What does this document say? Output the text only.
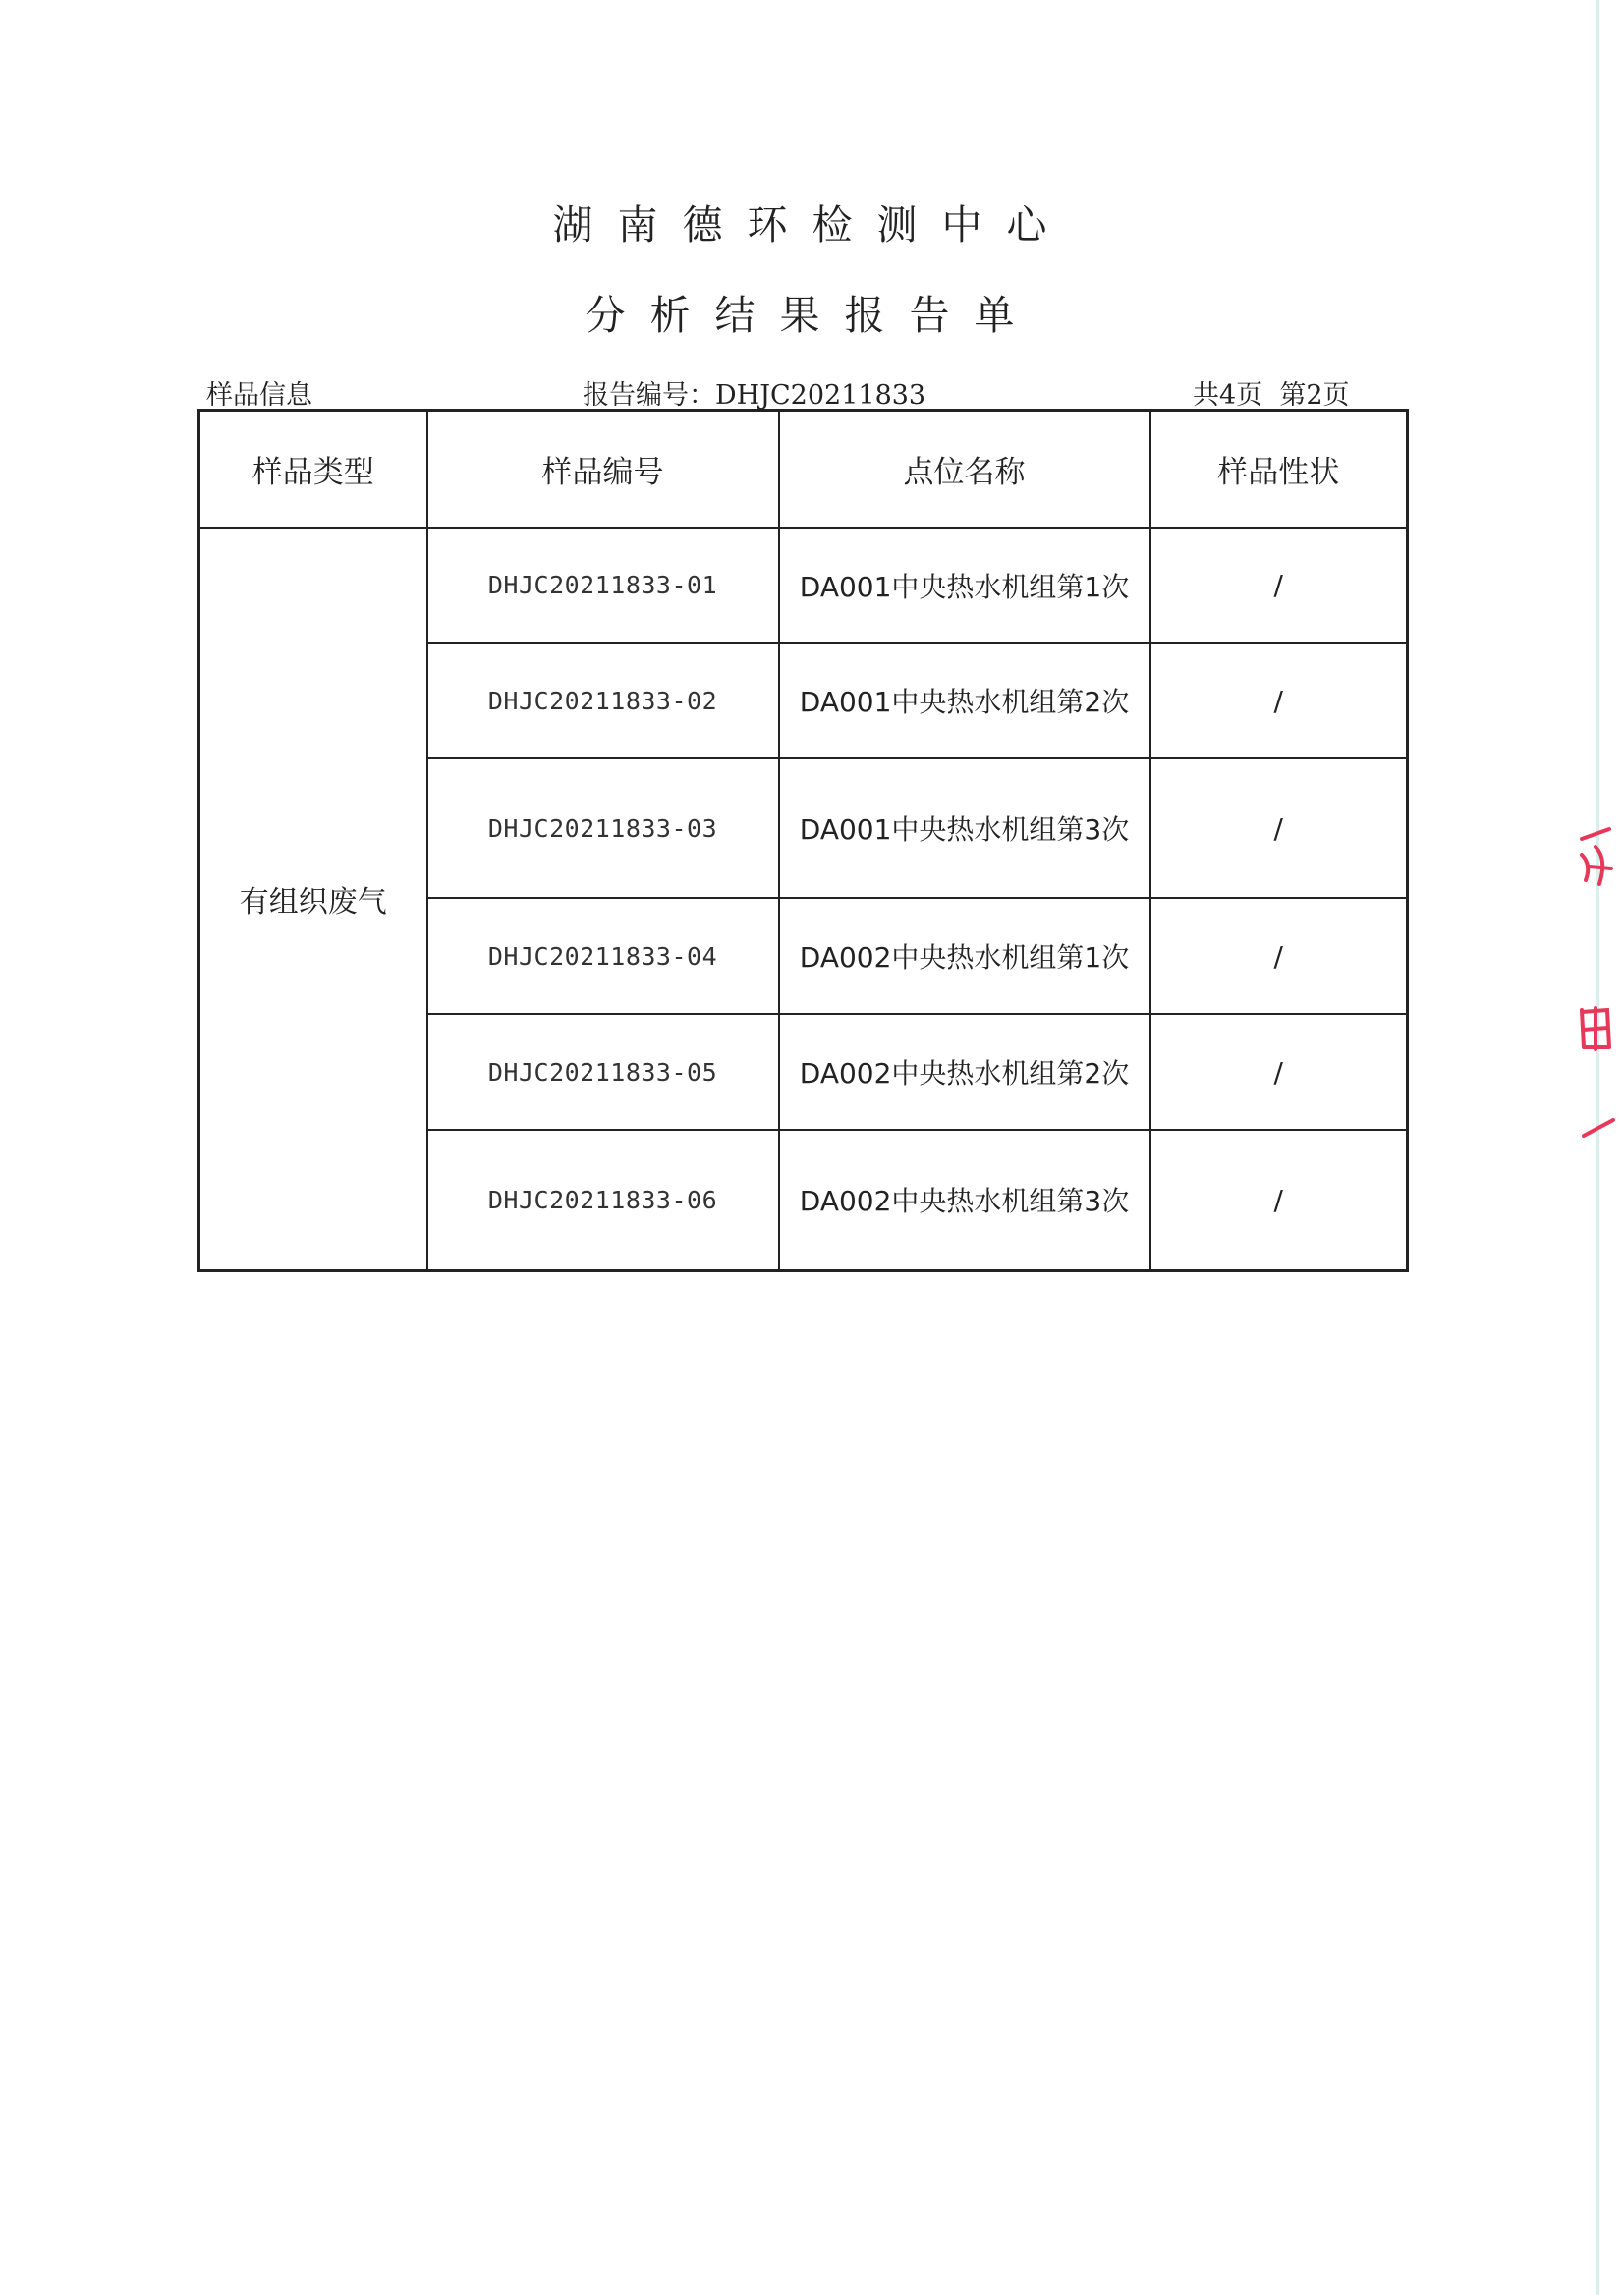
湖南德环检测中心
分析结果报告单
样品信息	报告编号：DHJC20211833	共4页  第2页
样品类型	样品编号	点位名称	样品性状
有组织废气	DHJC20211833-01	DA001中央热水机组第1次	/
	DHJC20211833-02	DA001中央热水机组第2次	/
	DHJC20211833-03	DA001中央热水机组第3次	/
	DHJC20211833-04	DA002中央热水机组第1次	/
	DHJC20211833-05	DA002中央热水机组第2次	/
	DHJC20211833-06	DA002中央热水机组第3次	/
